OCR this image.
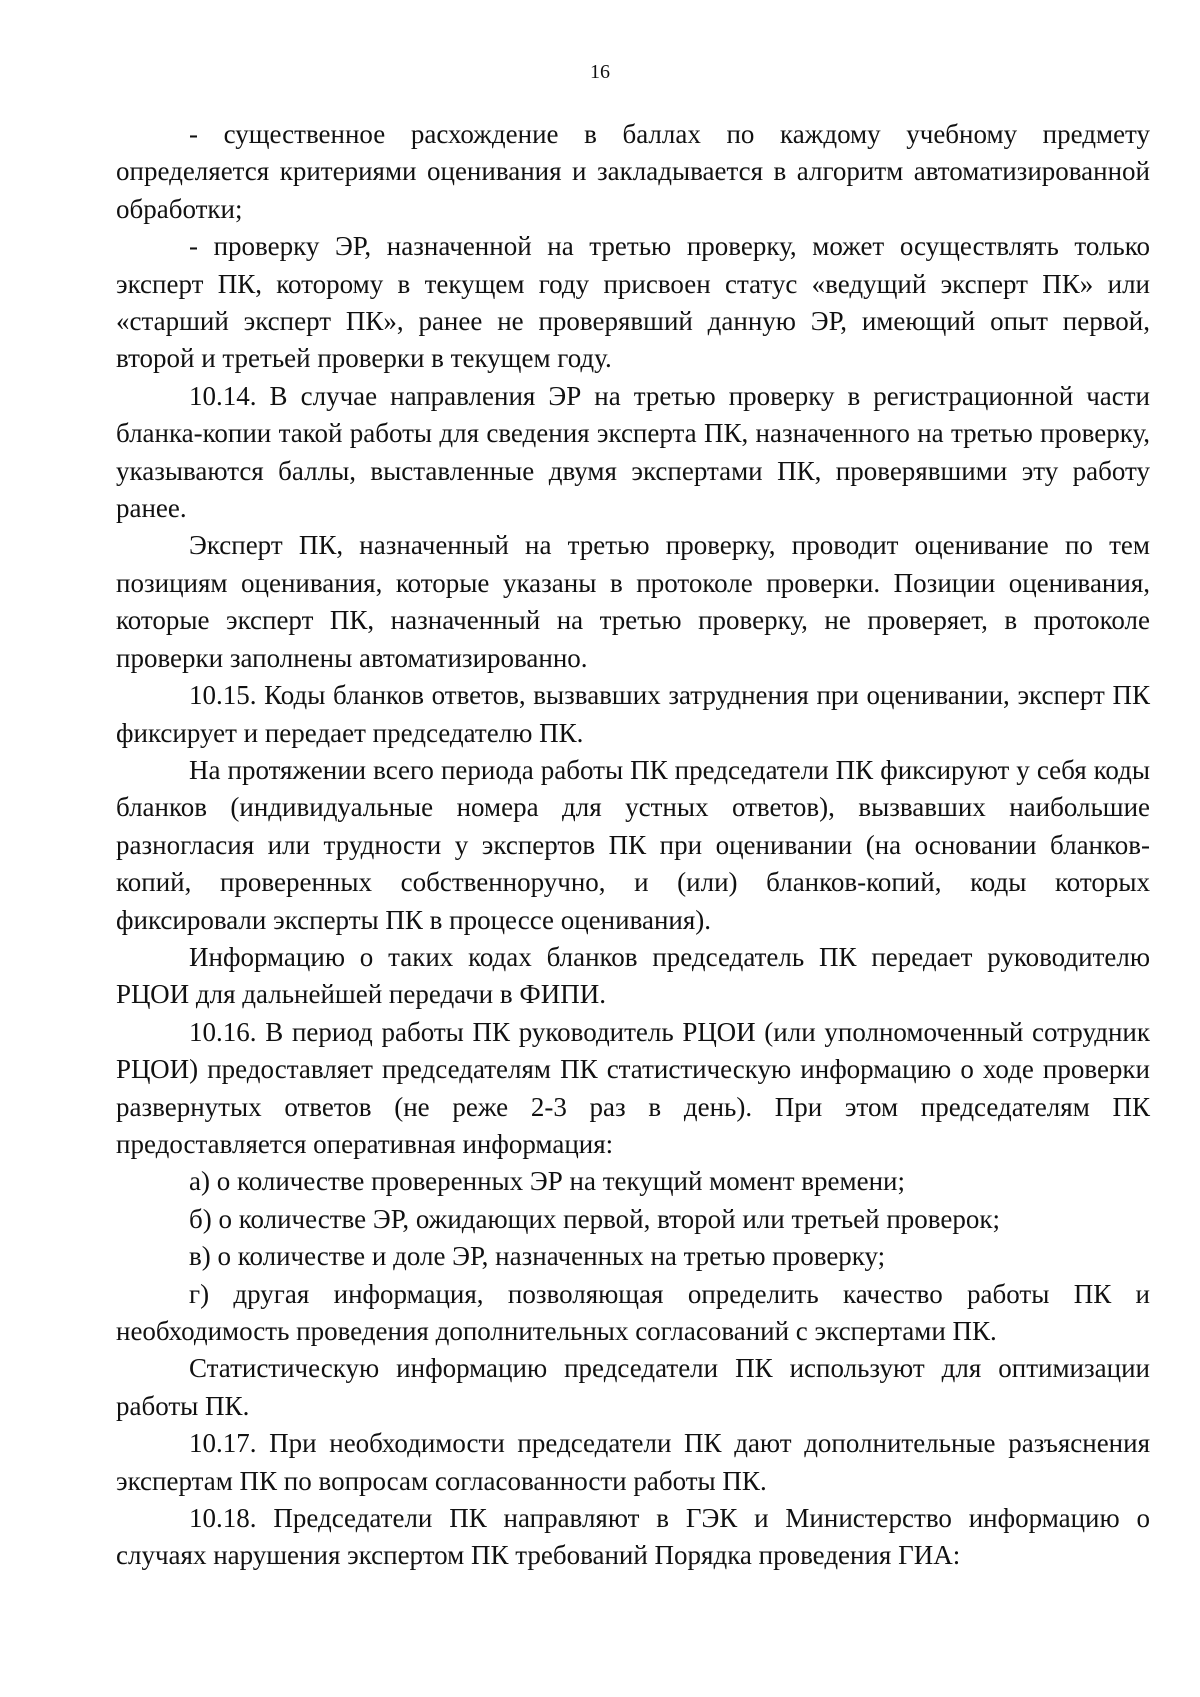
16

- существенное расхождение в баллах по каждому учебному предмету определяется критериями оценивания и закладывается в алгоритм автоматизированной обработки;

- проверку ЭР, назначенной на третью проверку, может осуществлять только эксперт ПК, которому в текущем году присвоен статус «ведущий эксперт ПК» или «старший эксперт ПК», ранее не проверявший данную ЭР, имеющий опыт первой, второй и третьей проверки в текущем году.

10.14. В случае направления ЭР на третью проверку в регистрационной части бланка-копии такой работы для сведения эксперта ПК, назначенного на третью проверку, указываются баллы, выставленные двумя экспертами ПК, проверявшими эту работу ранее.

Эксперт ПК, назначенный на третью проверку, проводит оценивание по тем позициям оценивания, которые указаны в протоколе проверки. Позиции оценивания, которые эксперт ПК, назначенный на третью проверку, не проверяет, в протоколе проверки заполнены автоматизированно.

10.15. Коды бланков ответов, вызвавших затруднения при оценивании, эксперт ПК фиксирует и передает председателю ПК.

На протяжении всего периода работы ПК председатели ПК фиксируют у себя коды бланков (индивидуальные номера для устных ответов), вызвавших наибольшие разногласия или трудности у экспертов ПК при оценивании (на основании бланков-копий, проверенных собственноручно, и (или) бланков-копий, коды которых фиксировали эксперты ПК в процессе оценивания).

Информацию о таких кодах бланков председатель ПК передает руководителю РЦОИ для дальнейшей передачи в ФИПИ.

10.16. В период работы ПК руководитель РЦОИ (или уполномоченный сотрудник РЦОИ) предоставляет председателям ПК статистическую информацию о ходе проверки развернутых ответов (не реже 2-3 раз в день). При этом председателям ПК предоставляется оперативная информация:

а) о количестве проверенных ЭР на текущий момент времени;

б) о количестве ЭР, ожидающих первой, второй или третьей проверок;

в) о количестве и доле ЭР, назначенных на третью проверку;

г) другая информация, позволяющая определить качество работы ПК и необходимость проведения дополнительных согласований с экспертами ПК.

Статистическую информацию председатели ПК используют для оптимизации работы ПК.

10.17. При необходимости председатели ПК дают дополнительные разъяснения экспертам ПК по вопросам согласованности работы ПК.

10.18. Председатели ПК направляют в ГЭК и Министерство информацию о случаях нарушения экспертом ПК требований Порядка проведения ГИА:
